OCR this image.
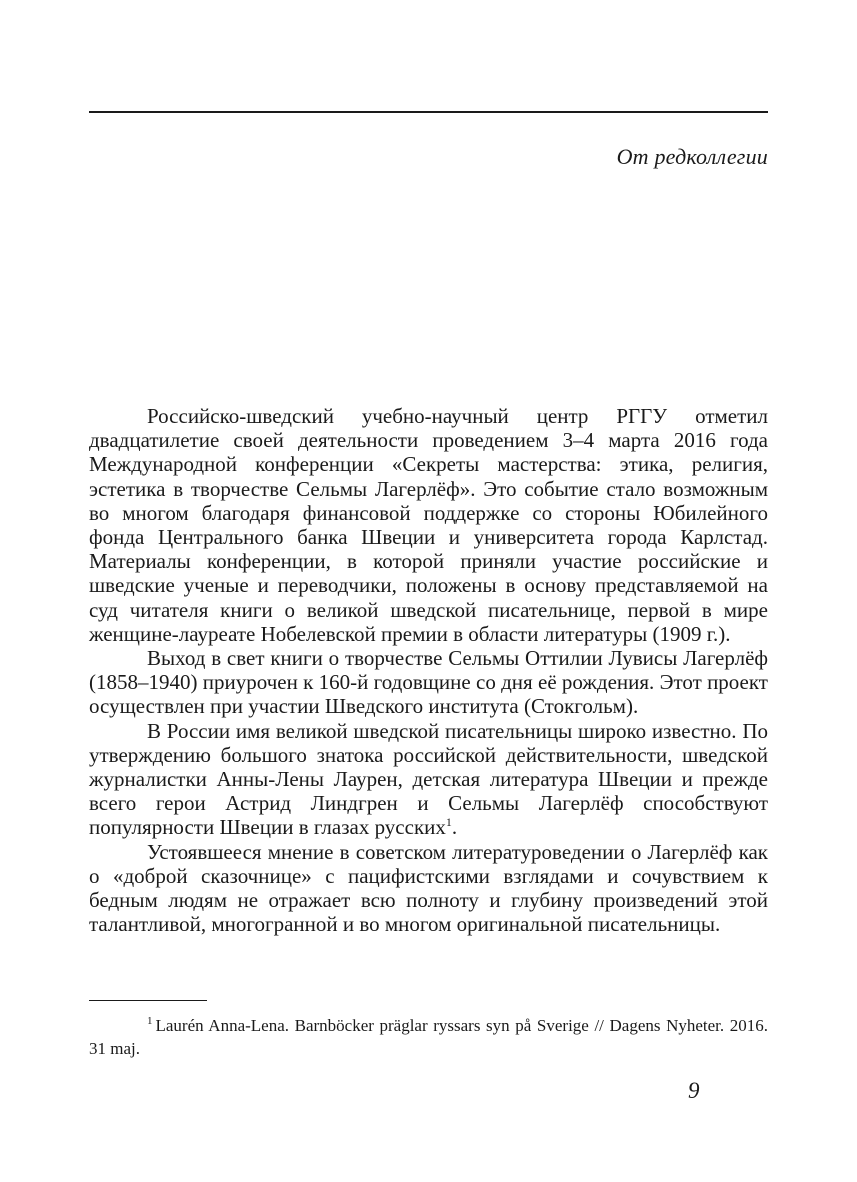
От редколлегии

Российско-шведский учебно-научный центр РГГУ отметил двадцатилетие своей деятельности проведением 3–4 марта 2016 года Международной конференции «Секреты мастерства: этика, религия, эстетика в творчестве Сельмы Лагерлёф». Это событие стало возможным во многом благодаря финансовой поддержке со стороны Юбилейного фонда Центрального банка Швеции и университета города Карлстад. Материалы конференции, в которой приняли участие российские и шведские ученые и переводчики, положены в основу представляемой на суд читателя книги о великой шведской писательнице, первой в мире женщине-лауреате Нобелевской премии в области литературы (1909 г.).

Выход в свет книги о творчестве Сельмы Оттилии Лувисы Лагерлёф (1858–1940) приурочен к 160-й годовщине со дня её рождения. Этот проект осуществлен при участии Шведского института (Стокгольм).

В России имя великой шведской писательницы широко известно. По утверждению большого знатока российской действительности, шведской журналистки Анны-Лены Лаурен, детская литература Швеции и прежде всего герои Астрид Линдгрен и Сельмы Лагерлёф способствуют популярности Швеции в глазах русских$^1$.

Устоявшееся мнение в советском литературоведении о Лагерлёф как о «доброй сказочнице» с пацифистскими взглядами и сочувствием к бедным людям не отражает всю полноту и глубину произведений этой талантливой, многогранной и во многом оригинальной писательницы.

$^1$ Laurén Anna-Lena. Barnböcker präglar ryssars syn på Sverige // Dagens Nyheter. 2016. 31 maj.

9
